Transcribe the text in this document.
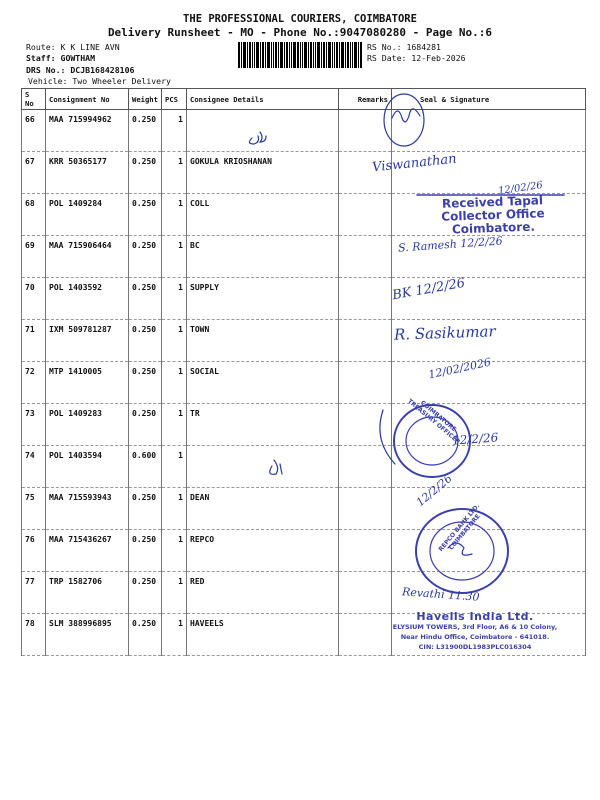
THE PROFESSIONAL COURIERS, COIMBATORE
Delivery Runsheet - MO - Phone No.:9047080280 - Page No.:6
Route: K K LINE AVN
Staff: GOWTHAM
DRS No.: DCJB168428106
Vehicle: Two Wheeler Delivery
RS No.: 1684281
RS Date: 12-Feb-2026
S No	Consignment No	Weight	PCS	Consignee Details	Remarks	Seal & Signature
66	MAA 715994962	0.250	1			
67	KRR 50365177	0.250	1	GOKULA KRIOSHANAN		
68	POL 1409284	0.250	1	COLL		
69	MAA 715906464	0.250	1	BC		
70	POL 1403592	0.250	1	SUPPLY		
71	IXM 509781287	0.250	1	TOWN		
72	MTP 1410005	0.250	1	SOCIAL		
73	POL 1409283	0.250	1	TR		
74	POL 1403594	0.600	1			
75	MAA 715593943	0.250	1	DEAN		
76	MAA 715436267	0.250	1	REPCO		
77	TRP 1582706	0.250	1	RED		
78	SLM 388996895	0.250	1	HAVEELS		
Viswanathan
12/02/26
Received Tapal
Collector Office
Coimbatore.
S. Ramesh 12/2/26
BK 12/2/26
R. Sasikumar
12/02/2026
12/2/26
12/2/26
Revathi 11.30
Havells India Ltd.
ELYSIUM TOWERS, 3rd Floor, A6 & 10 Colony,
Near Hindu Office, Coimbatore - 641018.
CIN: L31900DL1983PLC016304
REPCO BANK LTD. COIMBATORE
COIMBATORE TREASURY OFFICER
